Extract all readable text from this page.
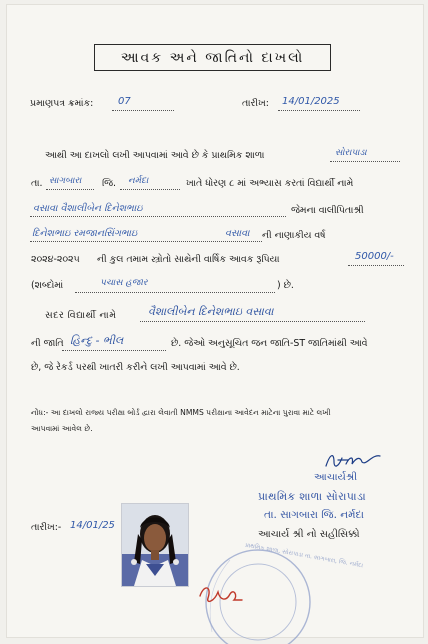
આવક અને જાતિનો દાખલો
પ્રમાણપત્ર ક્રમાંક: 07	તારીખ: 14/01/2025
આથી આ દાખલો લખી આપવામાં આવે છે કે પ્રાથમિક શાળા	સોરાપાડા
તા. સાગબારા જિ. નર્મદા	ખાતે ધોરણ ૮ માં અભ્યાસ કરતાં વિદ્યાર્થી નામે
વસાવા વૈશાલીબેન દિનેશભાઇ	જેમના વાલીપિતાશ્રી
દિનેશભાઇ રમજાનસિંગભાઇ	વસાવા ની નાણાકીય વર્ષ
૨૦૨૪-૨૦૨૫ ની કુલ તમામ સ્ત્રોતો સાથેની વાર્ષિક આવક રૂપિયા	50000/-
(શબ્દોમાં	પચાસ હજાર	) છે.
સદર વિદ્યાર્થી નામે	વૈશાલીબેન દિનેશભાઇ વસાવા
ની જાતિ હિન્દુ - ભીલ	છે. જેઓ અનુસૂચિત જન જાતિ-ST જાતિમાંથી આવે
છે, જે રેકર્ડ પરથી ખાતરી કરીને લખી આપવામાં આવે છે.
નોંધ:- આ દાખલો રાજ્ય પરીક્ષા બોર્ડ દ્વારા લેવાતી NMMS પરીક્ષાના આવેદન માટેના પુરાવા માટે લખી
આપવામાં આવેલ છે.
આચાર્યશ્રી
પ્રાથમિક શાળા સોરાપાડા
તા. સાગબારા જિ. નર્મદા
આચાર્ય શ્રી નો સહીસિક્કો
તારીખ:- 14/01/25
પ્રાથમિક શાળા, સોરાપાડા તા. સાગબારા, જિ. નર્મદા
